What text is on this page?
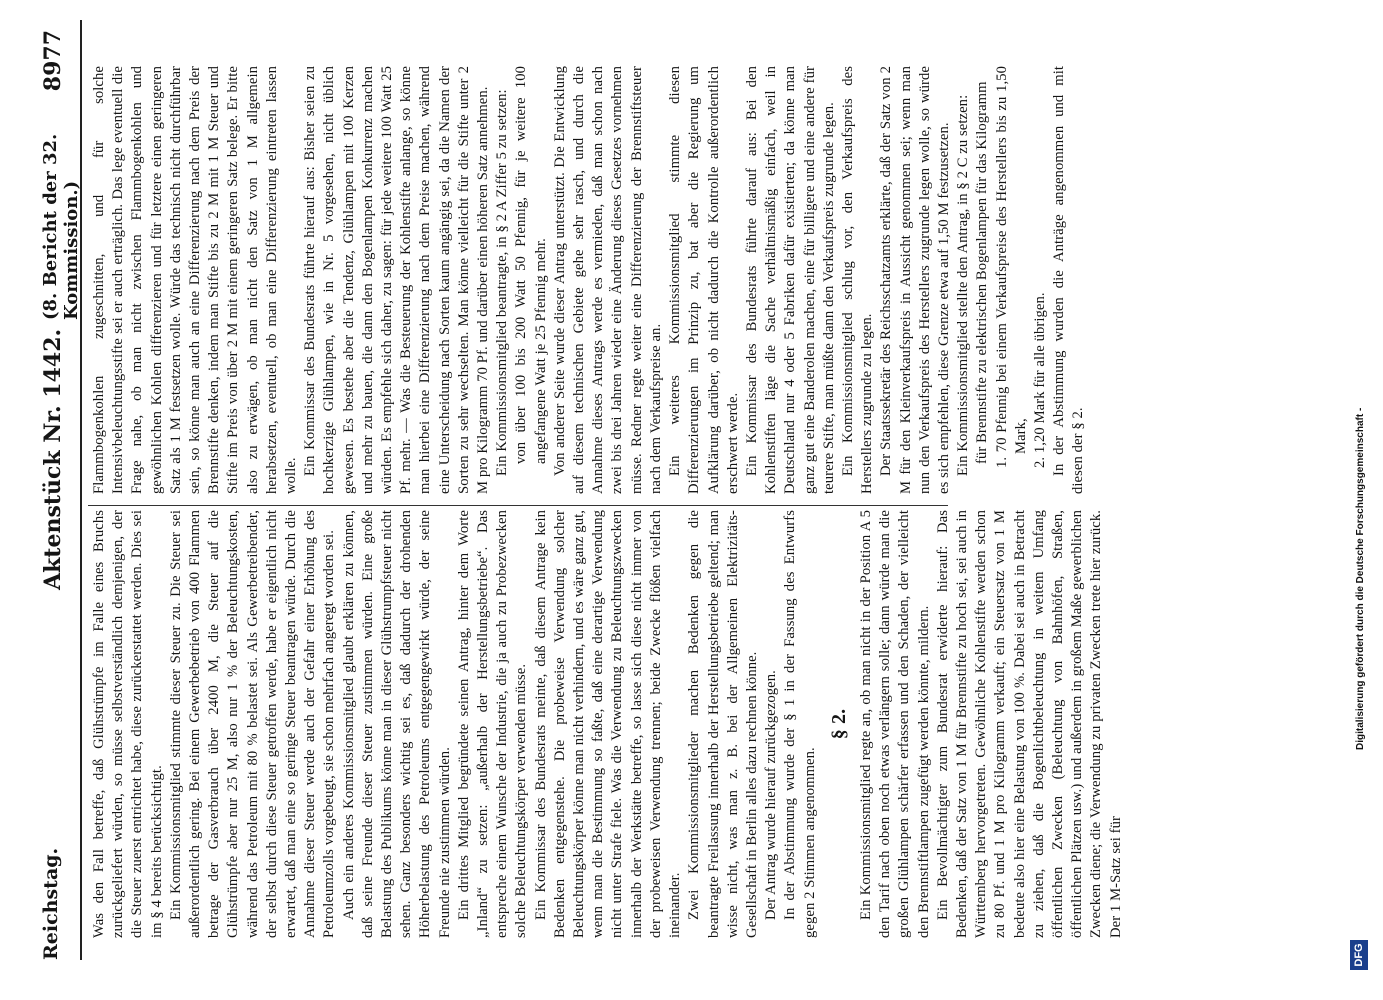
Reichstag.
Aktenstück Nr. 1442.
(8. Bericht der 32. Kommission.)
8977

Was den Fall betreffe, daß Glühstrümpfe im Falle eines Bruchs zurückgeliefert würden, so müsse selbstverständlich demjenigen, der die Steuer zuerst entrichtet habe, diese zurückerstattet werden. Dies sei im § 4 bereits berücksichtigt. Ein Kommissionsmitglied stimmte dieser Steuer zu. Die Steuer sei außerordentlich gering. Bei einem Gewerbebetrieb von 400 Flammen betrage der Gasverbrauch über 2400 M, die Steuer auf die Glühstrümpfe aber nur 25 M, also nur 1 % der Beleuchtungskosten, während das Petroleum mit 80 % belastet sei. Als Gewerbetreibender, der selbst durch diese Steuer getroffen werde, habe er eigentlich nicht erwartet, daß man eine so geringe Steuer beantragen würde. Durch die Annahme dieser Steuer werde auch der Gefahr einer Erhöhung des Petroleumzolls vorgebeugt, sie schon mehrfach angeregt worden sei. Auch ein anderes Kommissionsmitglied glaubt erklären zu können, daß seine Freunde dieser Steuer zustimmen würden. Eine große Belastung des Publikums könne man in dieser Glühstrumpfsteuer nicht sehen. Ganz besonders wichtig sei es, daß dadurch der drohenden Höherbelastung des Petroleums entgegengewirkt würde, der seine Freunde nie zustimmen würden. Ein drittes Mitglied begründete seinen Antrag, hinter dem Worte „Inland“ zu setzen: „außerhalb der Herstellungsbetriebe“. Das entspreche einem Wunsche der Industrie, die ja auch zu Probezwecken solche Beleuchtungskörper verwenden müsse. Ein Kommissar des Bundesrats meinte, daß diesem Antrage kein Bedenken entgegenstehe. Die probeweise Verwendung solcher Beleuchtungskörper könne man nicht verhindern, und es wäre ganz gut, wenn man die Bestimmung so faßte, daß eine derartige Verwendung nicht unter Strafe fiele. Was die Verwendung zu Beleuchtungszwecken innerhalb der Werkstätte betreffe, so lasse sich diese nicht immer von der probeweisen Verwendung trennen; beide Zwecke flößen vielfach ineinander. Zwei Kommissionsmitglieder machen Bedenken gegen die beantragte Freilassung innerhalb der Herstellungsbetriebe geltend; man wisse nicht, was man z. B. bei der Allgemeinen Elektrizitäts-Gesellschaft in Berlin alles dazu rechnen könne. Der Antrag wurde hierauf zurückgezogen. In der Abstimmung wurde der § 1 in der Fassung des Entwurfs gegen 2 Stimmen angenommen.

§ 2. Ein Kommissionsmitglied regte an, ob man nicht in der Position A 5 den Tarif nach oben noch etwas verlängern solle; dann würde man die großen Glühlampen schärfer erfassen und den Schaden, der vielleicht den Brennstiftlampen zugefügt werden könnte, mildern. Ein Bevollmächtigter zum Bundesrat erwiderte hierauf: Das Bedenken, daß der Satz von 1 M für Brennstifte zu hoch sei, sei auch in Württemberg hervorgetreten. Gewöhnliche Kohlenstifte werden schon zu 80 Pf. und 1 M pro Kilogramm verkauft; ein Steuersatz von 1 M bedeute also hier eine Belastung von 100 %. Dabei sei auch in Betracht zu ziehen, daß die Bogenlichtbeleuchtung in weitem Umfang öffentlichen Zwecken (Beleuchtung von Bahnhöfen, Straßen, öffentlichen Plätzen usw.) und außerdem in großem Maße gewerblichen Zwecken diene; die Verwendung zu privaten Zwecken trete hier zurück. Der 1 M-Satz sei für

Flammbogenkohlen zugeschnitten, und für solche Intensivbeleuchtungsstifte sei er auch erträglich. Das lege eventuell die Frage nahe, ob man nicht zwischen Flammbogenkohlen und gewöhnlichen Kohlen differenzieren und für letztere einen geringeren Satz als 1 M festsetzen wolle. Würde das technisch nicht durchführbar sein, so könne man auch an eine Differenzierung nach dem Preis der Brennstifte denken, indem man Stifte bis zu 2 M mit 1 M Steuer und Stifte im Preis von über 2 M mit einem geringeren Satz belege. Er bitte also zu erwägen, ob man nicht den Satz von 1 M allgemein herabsetzen, eventuell, ob man eine Differenzierung eintreten lassen wolle. Ein Kommissar des Bundesrats führte hierauf aus: Bisher seien zu hochkerzige Glühlampen, wie in Nr. 5 vorgesehen, nicht üblich gewesen. Es bestehe aber die Tendenz, Glühlampen mit 100 Kerzen und mehr zu bauen, die dann den Bogenlampen Konkurrenz machen würden. Es empfehle sich daher, zu sagen: für jede weitere 100 Watt 25 Pf. mehr. — Was die Besteuerung der Kohlenstifte anlange, so könne man hierbei eine Differenzierung nach dem Preise machen, während eine Unterscheidung nach Sorten kaum angängig sei, da die Namen der Sorten zu sehr wechselten. Man könne vielleicht für die Stifte unter 2 M pro Kilogramm 70 Pf. und darüber einen höheren Satz annehmen. Ein Kommissionsmitglied beantragte, in § 2 A Ziffer 5 zu setzen: von über 100 bis 200 Watt 50 Pfennig, für je weitere 100 angefangene Watt je 25 Pfennig mehr. Von anderer Seite wurde dieser Antrag unterstützt. Die Entwicklung auf diesem technischen Gebiete gehe sehr rasch, und durch die Annahme dieses Antrags werde es vermieden, daß man schon nach zwei bis drei Jahren wieder eine Änderung dieses Gesetzes vornehmen müsse. Redner regte weiter eine Differenzierung der Brennstiftsteuer nach dem Verkaufspreise an. Ein weiteres Kommissionsmitglied stimmte diesen Differenzierungen im Prinzip zu, bat aber die Regierung um Aufklärung darüber, ob nicht dadurch die Kontrolle außerordentlich erschwert werde. Ein Kommissar des Bundesrats führte darauf aus: Bei den Kohlenstiften läge die Sache verhältnismäßig einfach, weil in Deutschland nur 4 oder 5 Fabriken dafür existierten; da könne man ganz gut eine Banderolen machen, eine für billigere und eine andere für teurere Stifte, man müßte dann den Verkaufspreis zugrunde legen. Ein Kommissionsmitglied schlug vor, den Verkaufspreis des Herstellers zugrunde zu legen. Der Staatssekretär des Reichsschatzamts erklärte, daß der Satz von 2 M für den Kleinverkaufspreis in Aussicht genommen sei; wenn man nun den Verkaufspreis des Herstellers zugrunde legen wolle, so würde es sich empfehlen, diese Grenze etwa auf 1,50 M festzusetzen. Ein Kommissionsmitglied stellte den Antrag, in § 2 C zu setzen: für Brennstifte zu elektrischen Bogenlampen für das Kilogramm 1. 70 Pfennig bei einem Verkaufspreise des Herstellers bis zu 1,50 Mark, 2. 1,20 Mark für alle übrigen. In der Abstimmung wurden die Anträge angenommen und mit diesen der § 2.

DFG
Digitalisierung gefördert durch die Deutsche Forschungsgemeinschaft -
